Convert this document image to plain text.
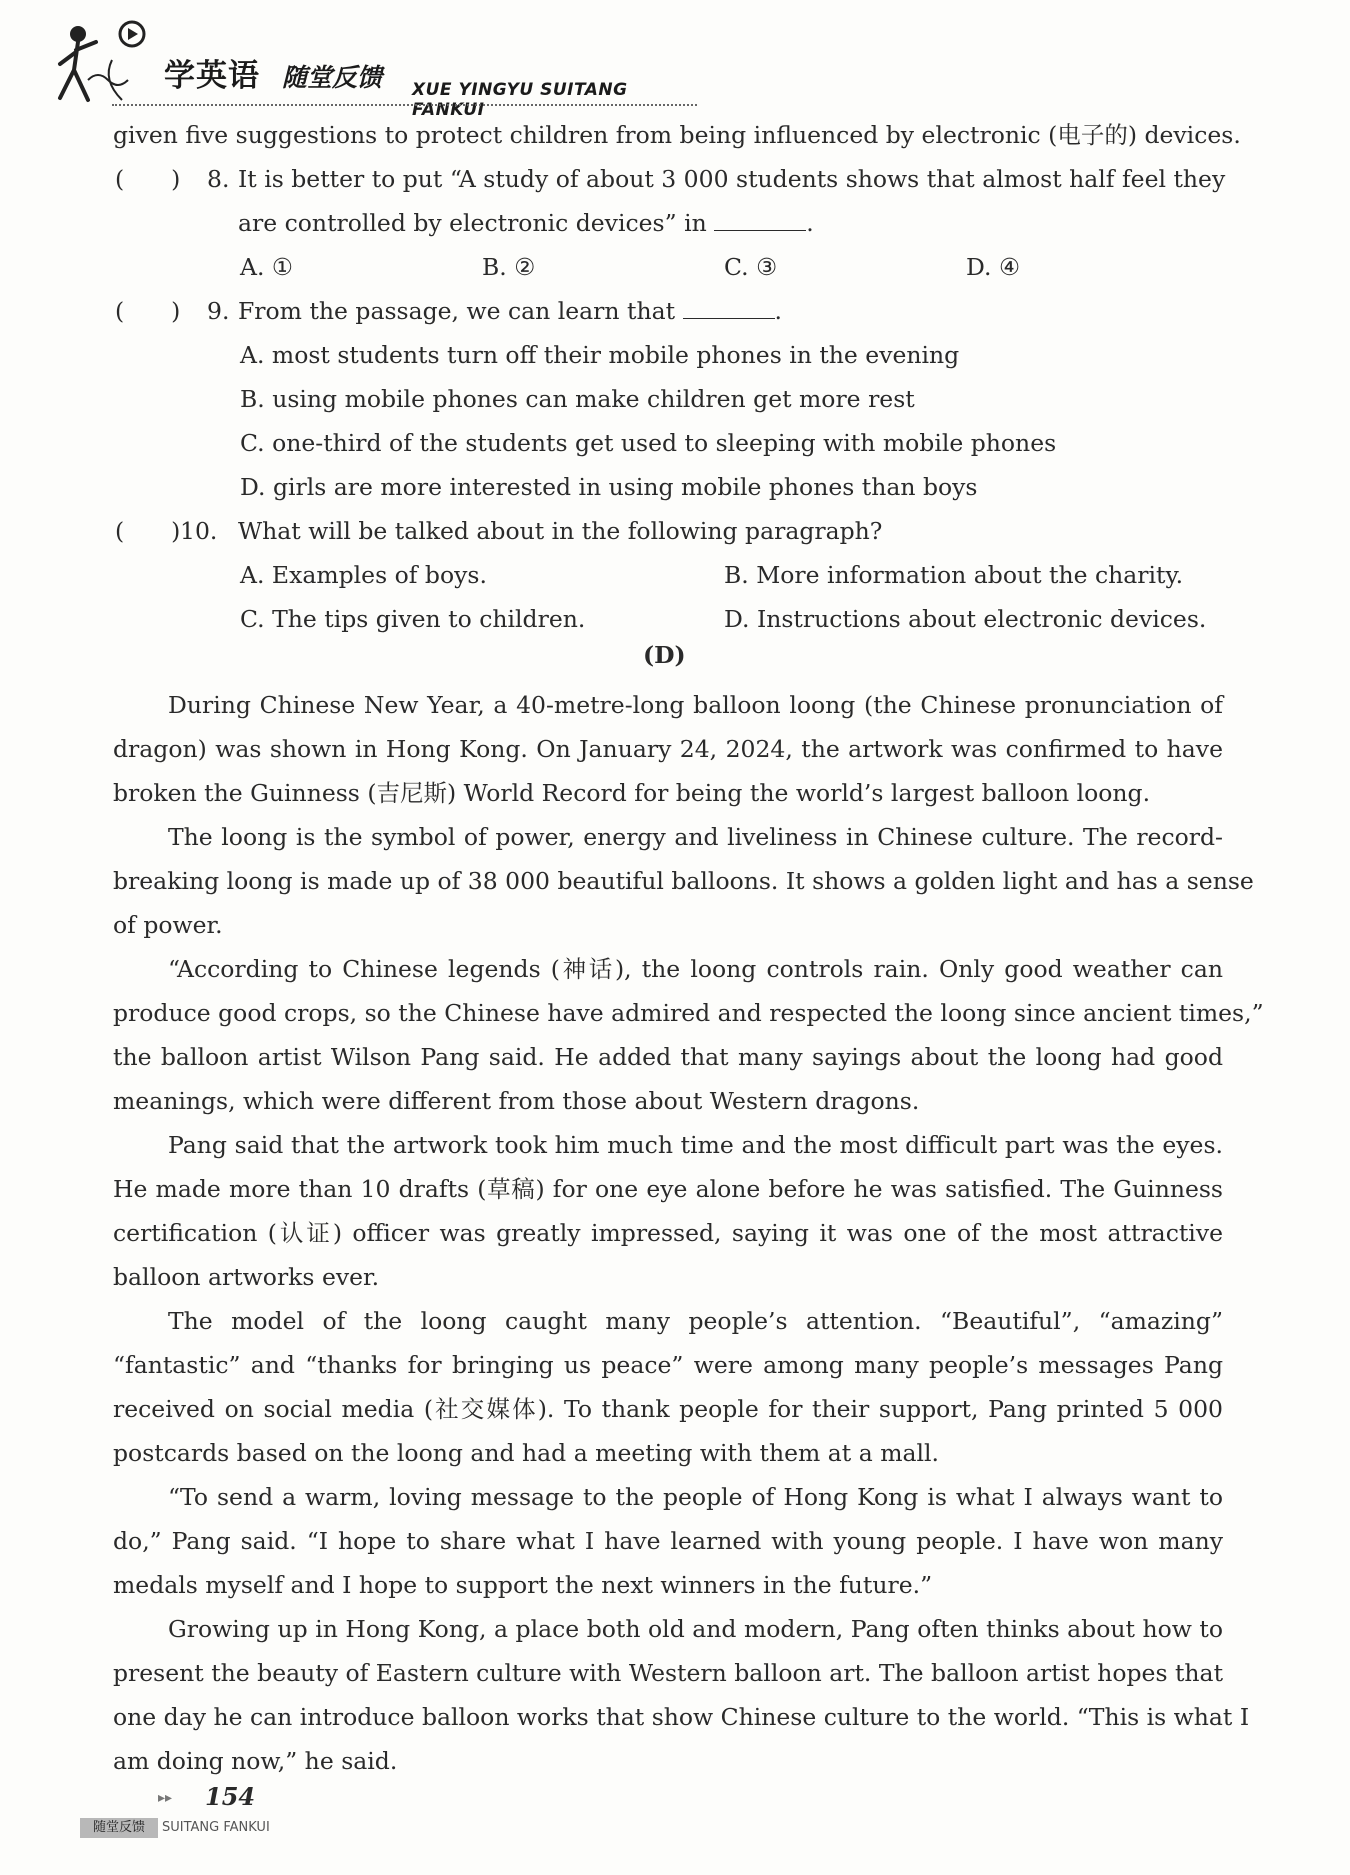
学英语 随堂反馈 XUE YINGYU SUITANG FANKUI
given five suggestions to protect children from being influenced by electronic (电子的) devices.
(　　) 8. It is better to put “A study of about 3 000 students shows that almost half feel they
are controlled by electronic devices” in	.
A. ①	B. ②	C. ③	D. ④
(　　) 9. From the passage, we can learn that	.
A. most students turn off their mobile phones in the evening
B. using mobile phones can make children get more rest
C. one-third of the students get used to sleeping with mobile phones
D. girls are more interested in using mobile phones than boys
(　　) 10. What will be talked about in the following paragraph?
A. Examples of boys.	B. More information about the charity.
C. The tips given to children.	D. Instructions about electronic devices.
(D)
During Chinese New Year, a 40-metre-long balloon loong (the Chinese pronunciation of
dragon) was shown in Hong Kong. On January 24, 2024, the artwork was confirmed to have
broken the Guinness (吉尼斯) World Record for being the world’s largest balloon loong.
The loong is the symbol of power, energy and liveliness in Chinese culture. The record-
breaking loong is made up of 38 000 beautiful balloons. It shows a golden light and has a sense
of power.
“According to Chinese legends (神话), the loong controls rain. Only good weather can
produce good crops, so the Chinese have admired and respected the loong since ancient times,”
the balloon artist Wilson Pang said. He added that many sayings about the loong had good
meanings, which were different from those about Western dragons.
Pang said that the artwork took him much time and the most difficult part was the eyes.
He made more than 10 drafts (草稿) for one eye alone before he was satisfied. The Guinness
certification (认证) officer was greatly impressed, saying it was one of the most attractive
balloon artworks ever.
The model of the loong caught many people’s attention. “Beautiful”, “amazing”
“fantastic” and “thanks for bringing us peace” were among many people’s messages Pang
received on social media (社交媒体). To thank people for their support, Pang printed 5 000
postcards based on the loong and had a meeting with them at a mall.
“To send a warm, loving message to the people of Hong Kong is what I always want to
do,” Pang said. “I hope to share what I have learned with young people. I have won many
medals myself and I hope to support the next winners in the future.”
Growing up in Hong Kong, a place both old and modern, Pang often thinks about how to
present the beauty of Eastern culture with Western balloon art. The balloon artist hopes that
one day he can introduce balloon works that show Chinese culture to the world. “This is what I
am doing now,” he said.
▸▸ 154
随堂反馈	SUITANG FANKUI
